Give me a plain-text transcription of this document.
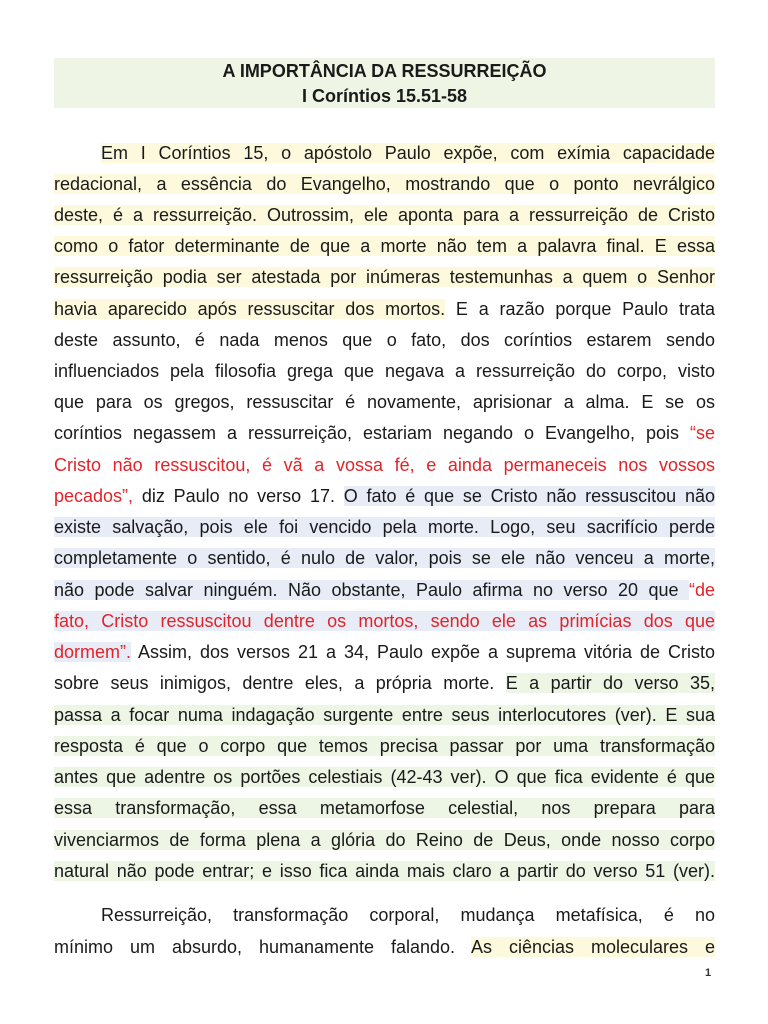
A IMPORTÂNCIA DA RESSURREIÇÃO
I Coríntios 15.51-58
Em I Coríntios 15, o apóstolo Paulo expõe, com exímia capacidade
redacional, a essência do Evangelho, mostrando que o ponto nevrálgico
deste, é a ressurreição. Outrossim, ele aponta para a ressurreição de Cristo
como o fator determinante de que a morte não tem a palavra final. E essa
ressurreição podia ser atestada por inúmeras testemunhas a quem o Senhor
havia aparecido após ressuscitar dos mortos. E a razão porque Paulo trata
deste assunto, é nada menos que o fato, dos coríntios estarem sendo
influenciados pela filosofia grega que negava a ressurreição do corpo, visto
que para os gregos, ressuscitar é novamente, aprisionar a alma. E se os
coríntios negassem a ressurreição, estariam negando o Evangelho, pois “se
Cristo não ressuscitou, é vã a vossa fé, e ainda permaneceis nos vossos
pecados”, diz Paulo no verso 17. O fato é que se Cristo não ressuscitou não
existe salvação, pois ele foi vencido pela morte. Logo, seu sacrifício perde
completamente o sentido, é nulo de valor, pois se ele não venceu a morte,
não pode salvar ninguém. Não obstante, Paulo afirma no verso 20 que “de
fato, Cristo ressuscitou dentre os mortos, sendo ele as primícias dos que
dormem”. Assim, dos versos 21 a 34, Paulo expõe a suprema vitória de Cristo
sobre seus inimigos, dentre eles, a própria morte. E a partir do verso 35,
passa a focar numa indagação surgente entre seus interlocutores (ver). E sua
resposta é que o corpo que temos precisa passar por uma transformação
antes que adentre os portões celestiais (42-43 ver). O que fica evidente é que
essa transformação, essa metamorfose celestial, nos prepara para
vivenciarmos de forma plena a glória do Reino de Deus, onde nosso corpo
natural não pode entrar; e isso fica ainda mais claro a partir do verso 51 (ver).
Ressurreição, transformação corporal, mudança metafísica, é no
mínimo um absurdo, humanamente falando. As ciências moleculares e
1
